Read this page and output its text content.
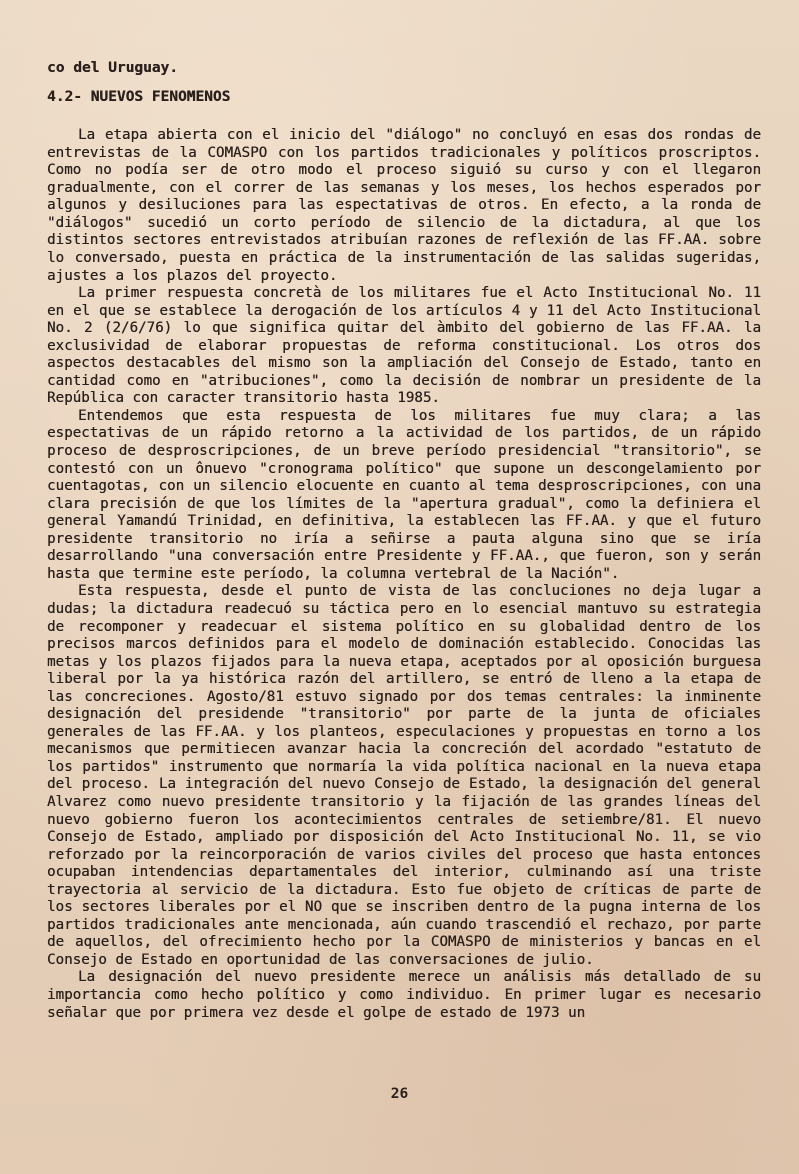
co del Uruguay.

4.2- NUEVOS FENOMENOS

La etapa abierta con el inicio del "diálogo" no concluyó en esas dos rondas de entrevistas de la COMASPO con los partidos tradicionales y políticos proscriptos. Como no podía ser de otro modo el proceso siguió su curso y con el llegaron gradualmente, con el correr de las semanas y los meses, los hechos esperados por algunos y desiluciones para las espectativas de otros. En efecto, a la ronda de "diálogos" sucedió un corto período de silencio de la dictadura, al que los distintos sectores entrevistados atribuían razones de reflexión de las FF.AA. sobre lo conversado, puesta en práctica de la instrumentación de las salidas sugeridas, ajustes a los plazos del proyecto.

La primer respuesta concretà de los militares fue el Acto Institucional No. 11 en el que se establece la derogación de los artículos 4 y 11 del Acto Institucional No. 2 (2/6/76) lo que significa quitar del àmbito del gobierno de las FF.AA. la exclusividad de elaborar propuestas de reforma constitucional. Los otros dos aspectos destacables del mismo son la ampliación del Consejo de Estado, tanto en cantidad como en "atribuciones", como la decisión de nombrar un presidente de la República con caracter transitorio hasta 1985.

Entendemos que esta respuesta de los militares fue muy clara; a las espectativas de un rápido retorno a la actividad de los partidos, de un rápido proceso de desproscripciones, de un breve período presidencial "transitorio", se contestó con un ônuevo "cronograma político" que supone un descongelamiento por cuentagotas, con un silencio elocuente en cuanto al tema desproscripciones, con una clara precisión de que los límites de la "apertura gradual", como la definiera el general Yamandú Trinidad, en definitiva, la establecen las FF.AA. y que el futuro presidente transitorio no iría a señirse a pauta alguna sino que se iría desarrollando "una conversación entre Presidente y FF.AA., que fueron, son y serán hasta que termine este período, la columna vertebral de la Nación".

Esta respuesta, desde el punto de vista de las concluciones no deja lugar a dudas; la dictadura readecuó su táctica pero en lo esencial mantuvo su estrategia de recomponer y readecuar el sistema político en su globalidad dentro de los precisos marcos definidos para el modelo de dominación establecido. Conocidas las metas y los plazos fijados para la nueva etapa, aceptados por al oposición burguesa liberal por la ya histórica razón del artillero, se entró de lleno a la etapa de las concreciones. Agosto/81 estuvo signado por dos temas centrales: la inminente designación del presidende "transitorio" por parte de la junta de oficiales generales de las FF.AA. y los planteos, especulaciones y propuestas en torno a los mecanismos que permitiecen avanzar hacia la concreción del acordado "estatuto de los partidos" instrumento que normaría la vida política nacional en la nueva etapa del proceso. La integración del nuevo Consejo de Estado, la designación del general Alvarez como nuevo presidente transitorio y la fijación de las grandes líneas del nuevo gobierno fueron los acontecimientos centrales de setiembre/81. El nuevo Consejo de Estado, ampliado por disposición del Acto Institucional No. 11, se vio reforzado por la reincorporación de varios civiles del proceso que hasta entonces ocupaban intendencias departamentales del interior, culminando así una triste trayectoria al servicio de la dictadura. Esto fue objeto de críticas de parte de los sectores liberales por el NO que se inscriben dentro de la pugna interna de los partidos tradicionales ante mencionada, aún cuando trascendió el rechazo, por parte de aquellos, del ofrecimiento hecho por la COMASPO de ministerios y bancas en el Consejo de Estado en oportunidad de las conversaciones de julio.

La designación del nuevo presidente merece un análisis más detallado de su importancia como hecho político y como individuo. En primer lugar es necesario señalar que por primera vez desde el golpe de estado de 1973 un

26
